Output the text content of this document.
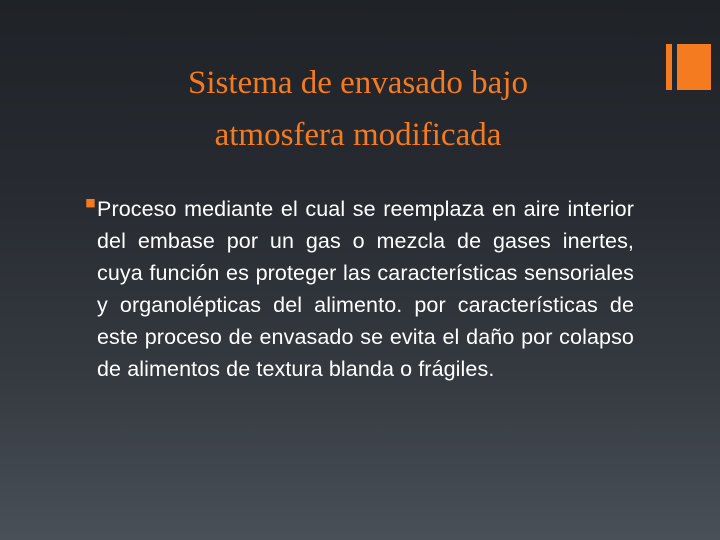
Sistema de envasado bajo
atmosfera modificada
■ Proceso mediante el cual se reemplaza en aire interior del embase por un gas o mezcla de gases inertes, cuya función es proteger las características sensoriales y organolépticas del alimento. por características de este proceso de envasado se evita el daño por colapso de alimentos de textura blanda o frágiles.
